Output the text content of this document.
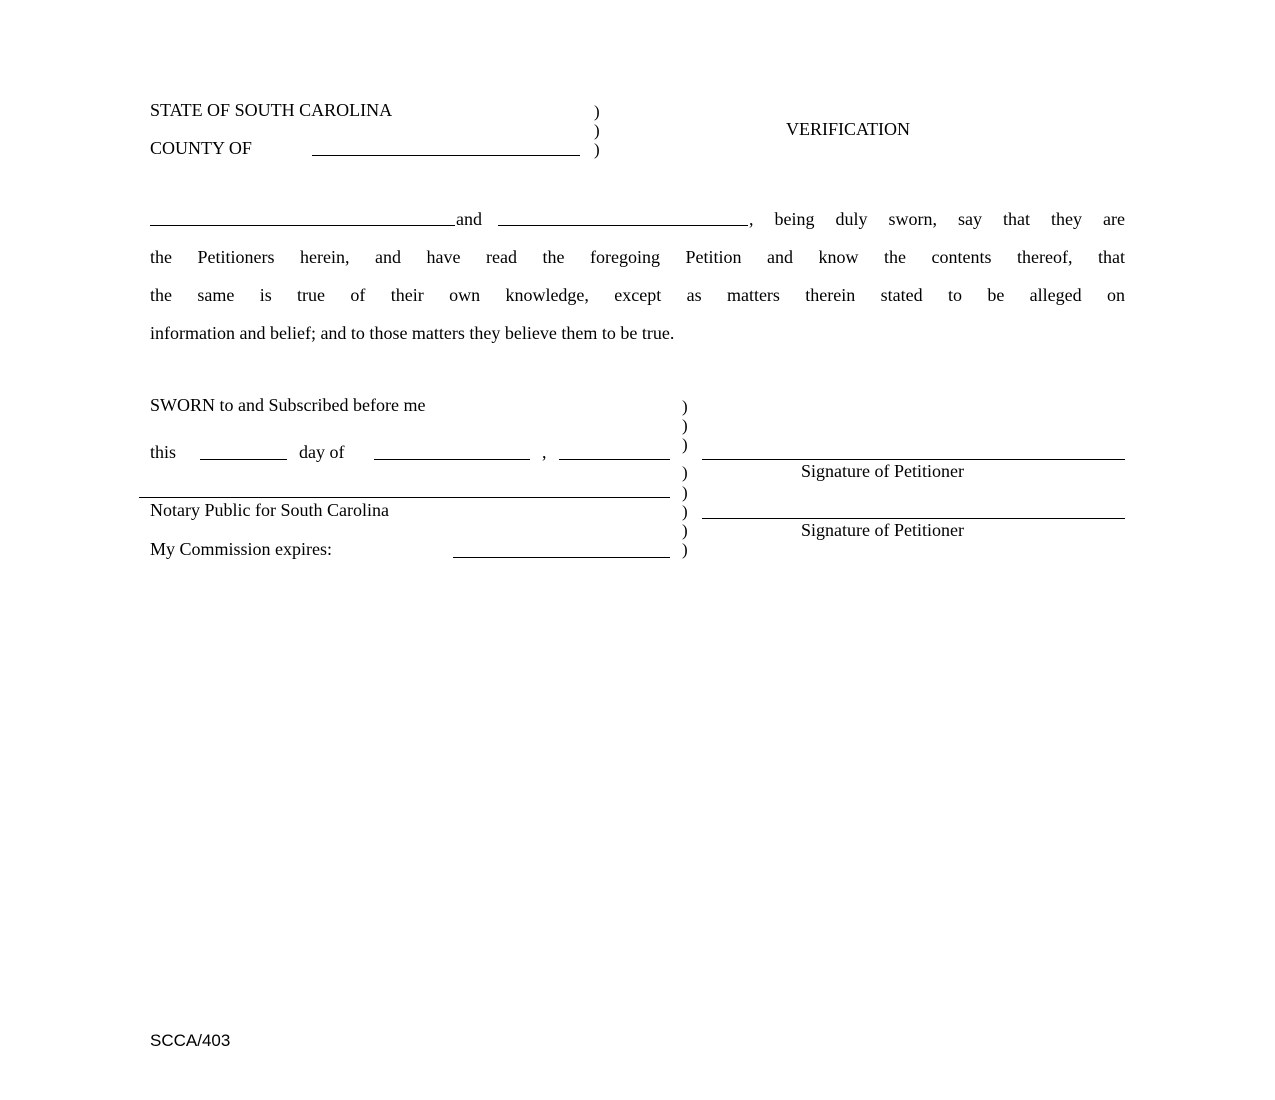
STATE OF SOUTH CAROLINA
COUNTY OF
)
)
)
VERIFICATION
and	, being duly sworn, say that they are
the Petitioners herein, and have read the foregoing Petition and know the contents thereof, that
the same is true of their own knowledge, except as matters therein stated to be alleged on
information and belief; and to those matters they believe them to be true.
SWORN to and Subscribed before me
this	day of	,
Notary Public for South Carolina
My Commission expires:
)
)
)
)
)
)
)
)
Signature of Petitioner
Signature of Petitioner
SCCA/403
